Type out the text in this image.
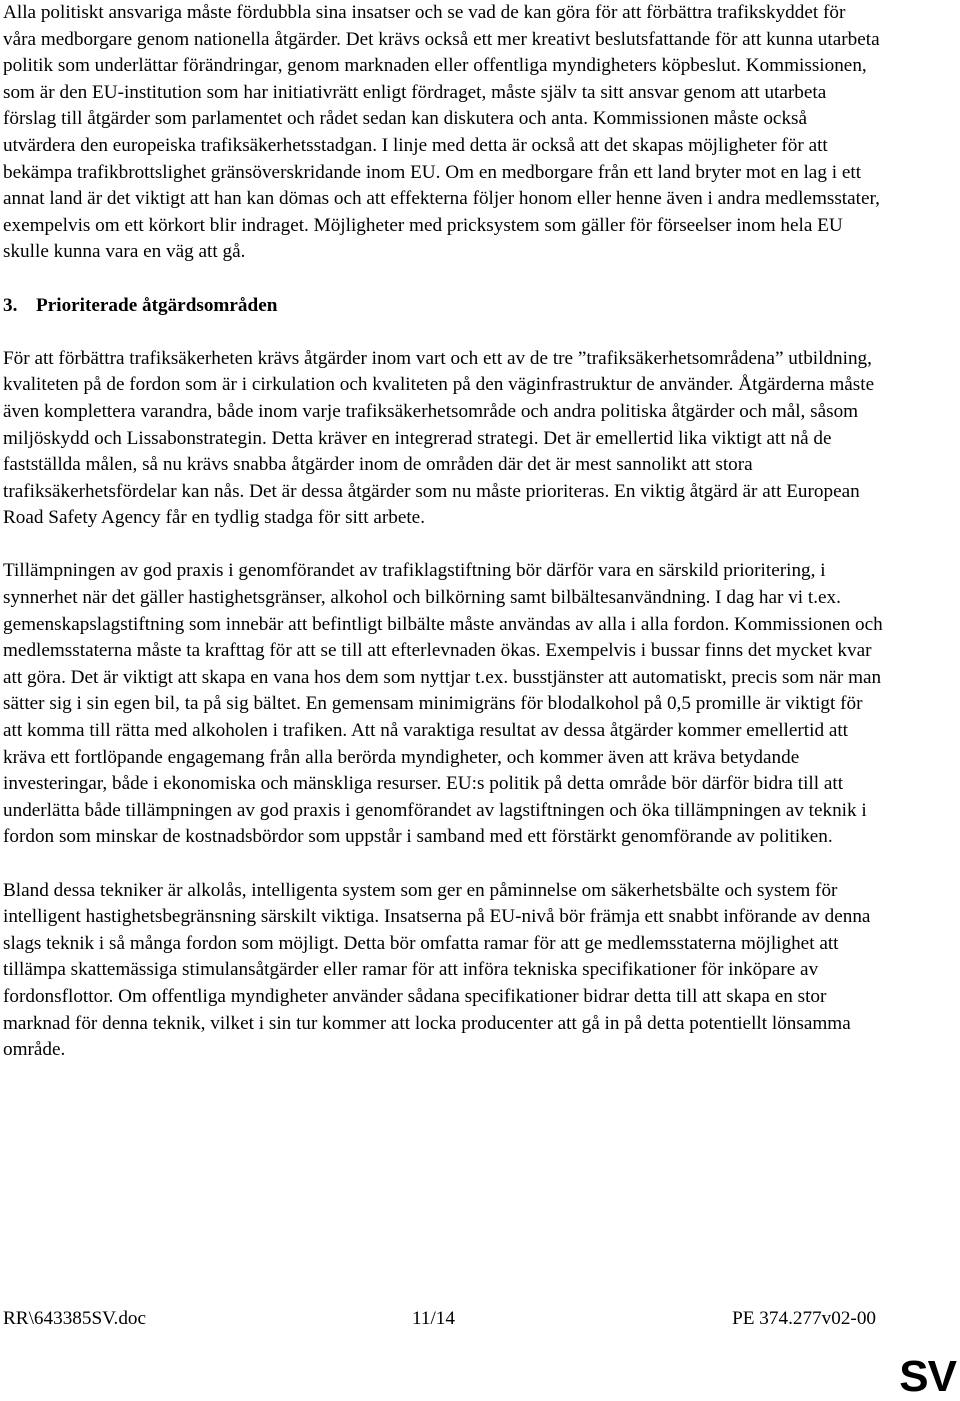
Alla politiskt ansvariga måste fördubbla sina insatser och se vad de kan göra för att förbättra trafikskyddet för våra medborgare genom nationella åtgärder. Det krävs också ett mer kreativt beslutsfattande för att kunna utarbeta politik som underlättar förändringar, genom marknaden eller offentliga myndigheters köpbeslut. Kommissionen, som är den EU-institution som har initiativrätt enligt fördraget, måste själv ta sitt ansvar genom att utarbeta förslag till åtgärder som parlamentet och rådet sedan kan diskutera och anta. Kommissionen måste också utvärdera den europeiska trafiksäkerhetsstadgan. I linje med detta är också att det skapas möjligheter för att bekämpa trafikbrottslighet gränsöverskridande inom EU. Om en medborgare från ett land bryter mot en lag i ett annat land är det viktigt att han kan dömas och att effekterna följer honom eller henne även i andra medlemsstater, exempelvis om ett körkort blir indraget. Möjligheter med pricksystem som gäller för förseelser inom hela EU skulle kunna vara en väg att gå.

3. Prioriterade åtgärdsområden

För att förbättra trafiksäkerheten krävs åtgärder inom vart och ett av de tre ”trafiksäkerhetsområdena” utbildning, kvaliteten på de fordon som är i cirkulation och kvaliteten på den väginfrastruktur de använder. Åtgärderna måste även komplettera varandra, både inom varje trafiksäkerhetsområde och andra politiska åtgärder och mål, såsom miljöskydd och Lissabonstrategin. Detta kräver en integrerad strategi. Det är emellertid lika viktigt att nå de fastställda målen, så nu krävs snabba åtgärder inom de områden där det är mest sannolikt att stora trafiksäkerhetsfördelar kan nås. Det är dessa åtgärder som nu måste prioriteras. En viktig åtgärd är att European Road Safety Agency får en tydlig stadga för sitt arbete.

Tillämpningen av god praxis i genomförandet av trafiklagstiftning bör därför vara en särskild prioritering, i synnerhet när det gäller hastighetsgränser, alkohol och bilkörning samt bilbältesanvändning. I dag har vi t.ex. gemenskapslagstiftning som innebär att befintligt bilbälte måste användas av alla i alla fordon. Kommissionen och medlemsstaterna måste ta krafttag för att se till att efterlevnaden ökas. Exempelvis i bussar finns det mycket kvar att göra. Det är viktigt att skapa en vana hos dem som nyttjar t.ex. busstjänster att automatiskt, precis som när man sätter sig i sin egen bil, ta på sig bältet. En gemensam minimigräns för blodalkohol på 0,5 promille är viktigt för att komma till rätta med alkoholen i trafiken. Att nå varaktiga resultat av dessa åtgärder kommer emellertid att kräva ett fortlöpande engagemang från alla berörda myndigheter, och kommer även att kräva betydande investeringar, både i ekonomiska och mänskliga resurser. EU:s politik på detta område bör därför bidra till att underlätta både tillämpningen av god praxis i genomförandet av lagstiftningen och öka tillämpningen av teknik i fordon som minskar de kostnadsbördor som uppstår i samband med ett förstärkt genomförande av politiken.

Bland dessa tekniker är alkolås, intelligenta system som ger en påminnelse om säkerhetsbälte och system för intelligent hastighetsbegränsning särskilt viktiga. Insatserna på EU-nivå bör främja ett snabbt införande av denna slags teknik i så många fordon som möjligt. Detta bör omfatta ramar för att ge medlemsstaterna möjlighet att tillämpa skattemässiga stimulansåtgärder eller ramar för att införa tekniska specifikationer för inköpare av fordonsflottor. Om offentliga myndigheter använder sådana specifikationer bidrar detta till att skapa en stor marknad för denna teknik, vilket i sin tur kommer att locka producenter att gå in på detta potentiellt lönsamma område.

RR\643385SV.doc	11/14	PE 374.277v02-00
SV
